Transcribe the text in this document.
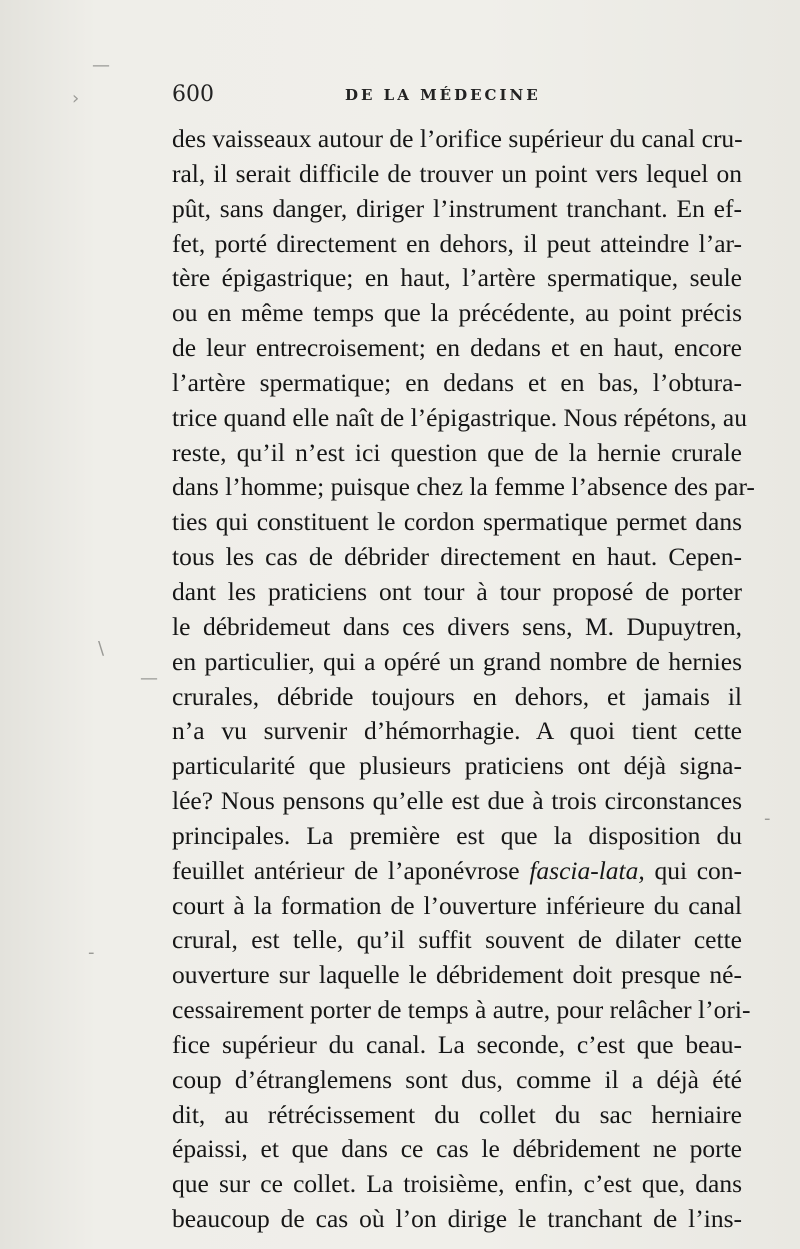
600	DE LA MÉDECINE
des vaisseaux autour de l’orifice supérieur du canal cru-
ral, il serait difficile de trouver un point vers lequel on
pût, sans danger, diriger l’instrument tranchant. En ef-
fet, porté directement en dehors, il peut atteindre l’ar-
tère épigastrique; en haut, l’artère spermatique, seule
ou en même temps que la précédente, au point précis
de leur entrecroisement; en dedans et en haut, encore
l’artère spermatique; en dedans et en bas, l’obtura-
trice quand elle naît de l’épigastrique. Nous répétons, au
reste, qu’il n’est ici question que de la hernie crurale
dans l’homme; puisque chez la femme l’absence des par-
ties qui constituent le cordon spermatique permet dans
tous les cas de débrider directement en haut. Cepen-
dant les praticiens ont tour à tour proposé de porter
le débridemeut dans ces divers sens, M. Dupuytren,
en particulier, qui a opéré un grand nombre de hernies
crurales, débride toujours en dehors, et jamais il
n’a vu survenir d’hémorrhagie. A quoi tient cette
particularité que plusieurs praticiens ont déjà signa-
lée? Nous pensons qu’elle est due à trois circonstances
principales. La première est que la disposition du
feuillet antérieur de l’aponévrose fascia-lata, qui con-
court à la formation de l’ouverture inférieure du canal
crural, est telle, qu’il suffit souvent de dilater cette
ouverture sur laquelle le débridement doit presque né-
cessairement porter de temps à autre, pour relâcher l’ori-
fice supérieur du canal. La seconde, c’est que beau-
coup d’étranglemens sont dus, comme il a déjà été
dit, au rétrécissement du collet du sac herniaire
épaissi, et que dans ce cas le débridement ne porte
que sur ce collet. La troisième, enfin, c’est que, dans
beaucoup de cas où l’on dirige le tranchant de l’ins-
—
›
\
—
-
-
